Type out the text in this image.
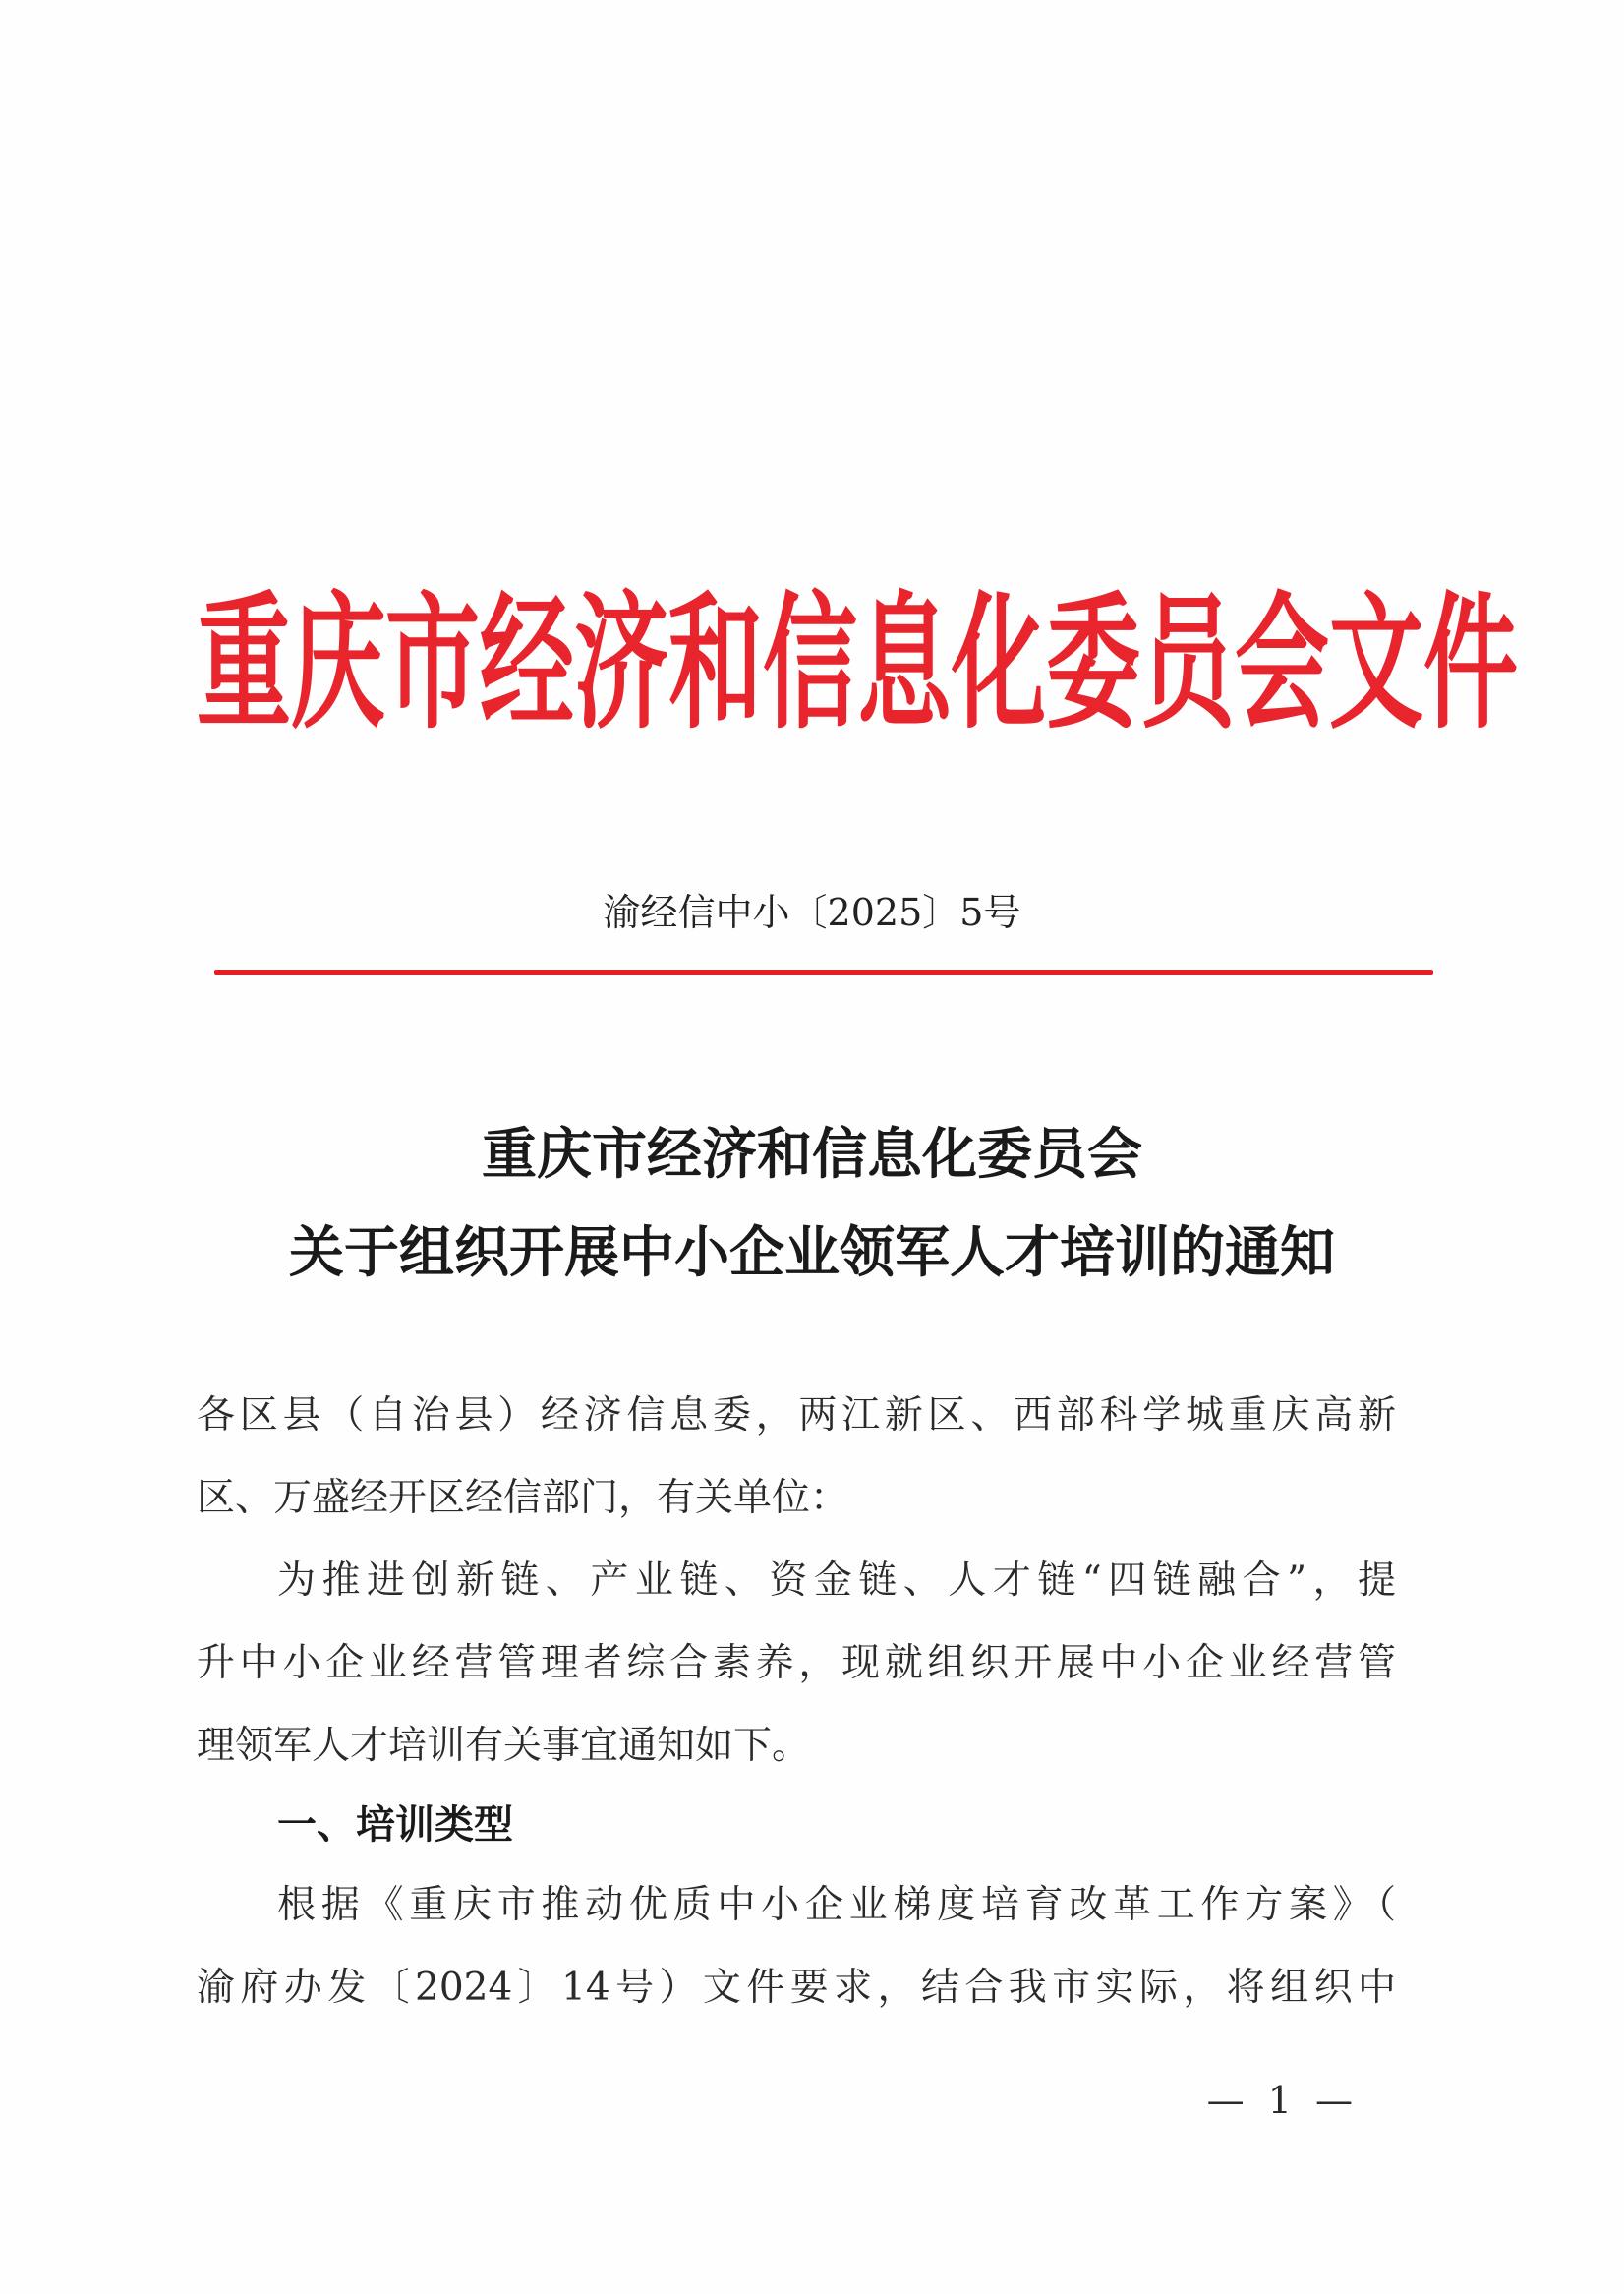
重庆市经济和信息化委员会文件
渝经信中小〔2025〕5号
重庆市经济和信息化委员会
关于组织开展中小企业领军人才培训的通知
各区县（自治县）经济信息委，两江新区、西部科学城重庆高新
区、万盛经开区经信部门，有关单位：
为推进创新链、产业链、资金链、人才链“四链融合”，提
升中小企业经营管理者综合素养，现就组织开展中小企业经营管
理领军人才培训有关事宜通知如下。
一、培训类型
根据《重庆市推动优质中小企业梯度培育改革工作方案》（
渝府办发〔2024〕14号）文件要求，结合我市实际，将组织中
— 1 —
